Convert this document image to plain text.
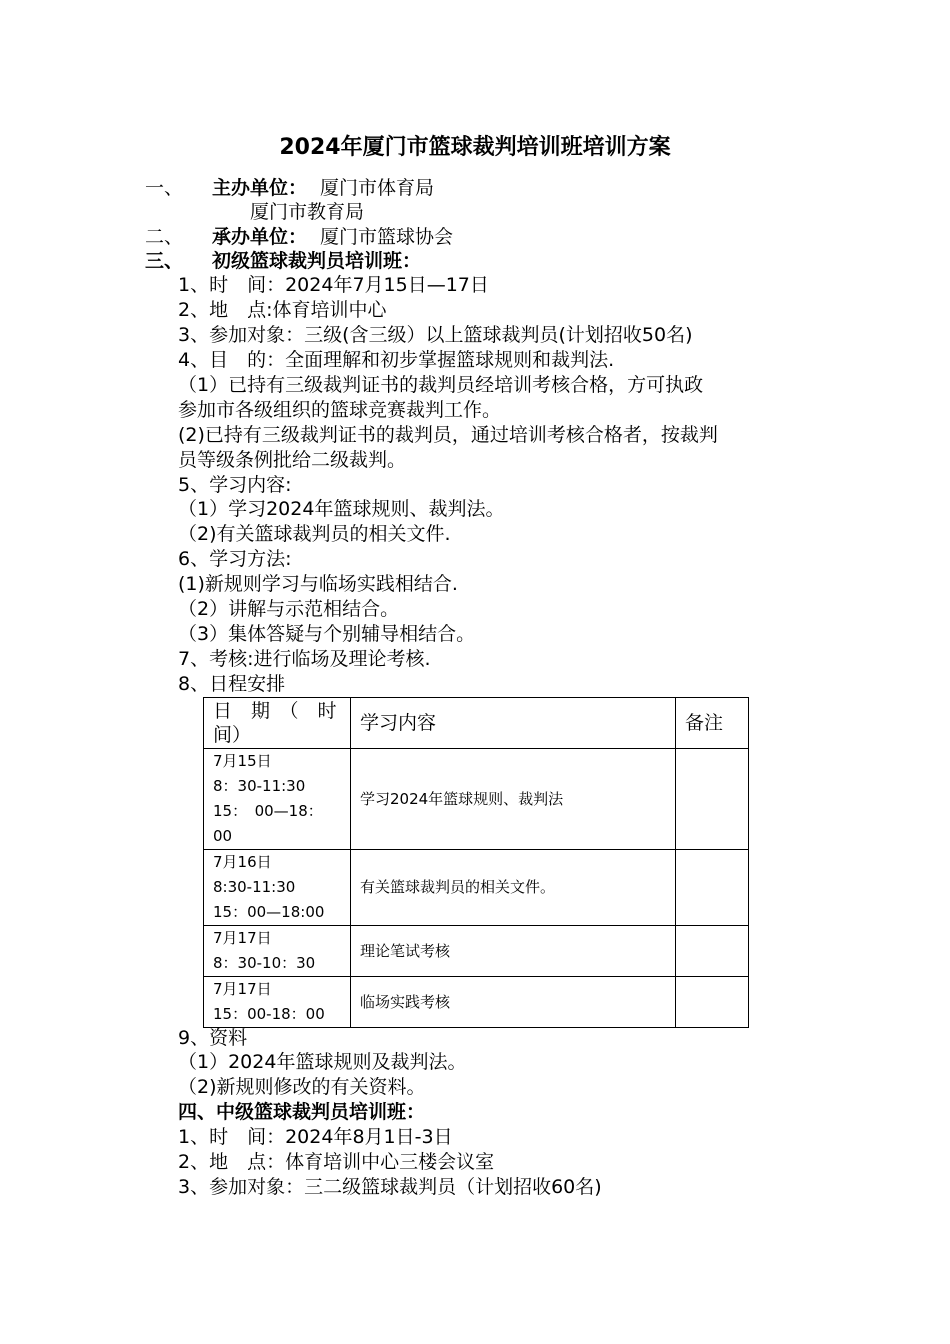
2024年厦门市篮球裁判培训班培训方案
一、 主办单位： 厦门市体育局
厦门市教育局
二、 承办单位： 厦门市篮球协会
三、 初级篮球裁判员培训班：
1、时　间：2024年7月15日—17日
2、地　点:体育培训中心
3、参加对象：三级(含三级）以上篮球裁判员(计划招收50名)
4、目　的：全面理解和初步掌握篮球规则和裁判法.
（1）已持有三级裁判证书的裁判员经培训考核合格，方可执政
参加市各级组织的篮球竞赛裁判工作。
(2)已持有三级裁判证书的裁判员，通过培训考核合格者，按裁判
员等级条例批给二级裁判。
5、学习内容:
（1）学习2024年篮球规则、裁判法。
（2)有关篮球裁判员的相关文件.
6、学习方法:
(1)新规则学习与临场实践相结合.
（2）讲解与示范相结合。
（3）集体答疑与个别辅导相结合。
7、考核:进行临场及理论考核.
8、日程安排
日　期　（　时
间）	学习内容	备注

7月15日
8：30-11:30
15：　00—18：
00	学习2024年篮球规则、裁判法	

7月16日
8:30-11:30
15：00—18:00	有关篮球裁判员的相关文件。	

7月17日
8：30-10：30	理论笔试考核	

7月17日
15：00-18：00	临场实践考核	
9、资料
（1）2024年篮球规则及裁判法。
（2)新规则修改的有关资料。
四、中级篮球裁判员培训班：
1、时　间：2024年8月1日-3日
2、地　点：体育培训中心三楼会议室
3、参加对象：三二级篮球裁判员（计划招收60名)
